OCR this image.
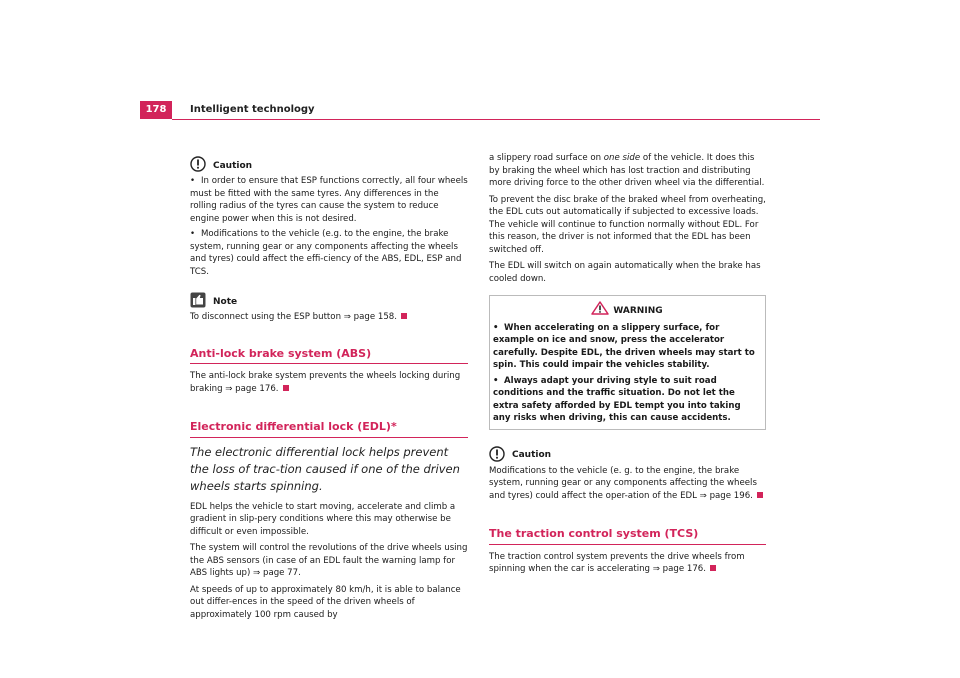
178	Intelligent technology
Caution

• In order to ensure that ESP functions correctly, all four wheels must be fitted with the same tyres. Any differences in the rolling radius of the tyres can cause the system to reduce engine power when this is not desired.

• Modifications to the vehicle (e.g. to the engine, the brake system, running gear or any components affecting the wheels and tyres) could affect the effi-ciency of the ABS, EDL, ESP and TCS.

Note

To disconnect using the ESP button ⇒ page 158.

Anti-lock brake system (ABS)

The anti-lock brake system prevents the wheels locking during braking ⇒ page 176.

Electronic differential lock (EDL)*
The electronic differential lock helps prevent the loss of trac-tion caused if one of the driven wheels starts spinning.

EDL helps the vehicle to start moving, accelerate and climb a gradient in slip-pery conditions where this may otherwise be difficult or even impossible.

The system will control the revolutions of the drive wheels using the ABS sensors (in case of an EDL fault the warning lamp for ABS lights up) ⇒ page 77.

At speeds of up to approximately 80 km/h, it is able to balance out differ-ences in the speed of the driven wheels of approximately 100 rpm caused by

a slippery road surface on one side of the vehicle. It does this by braking the wheel which has lost traction and distributing more driving force to the other driven wheel via the differential.

To prevent the disc brake of the braked wheel from overheating, the EDL cuts out automatically if subjected to excessive loads. The vehicle will continue to function normally without EDL. For this reason, the driver is not informed that the EDL has been switched off.

The EDL will switch on again automatically when the brake has cooled down.

WARNING

• When accelerating on a slippery surface, for example on ice and snow, press the accelerator carefully. Despite EDL, the driven wheels may start to spin. This could impair the vehicles stability.

• Always adapt your driving style to suit road conditions and the traffic situation. Do not let the extra safety afforded by EDL tempt you into taking any risks when driving, this can cause accidents.

Caution

Modifications to the vehicle (e. g. to the engine, the brake system, running gear or any components affecting the wheels and tyres) could affect the oper-ation of the EDL ⇒ page 196.

The traction control system (TCS)

The traction control system prevents the drive wheels from spinning when the car is accelerating ⇒ page 176.
